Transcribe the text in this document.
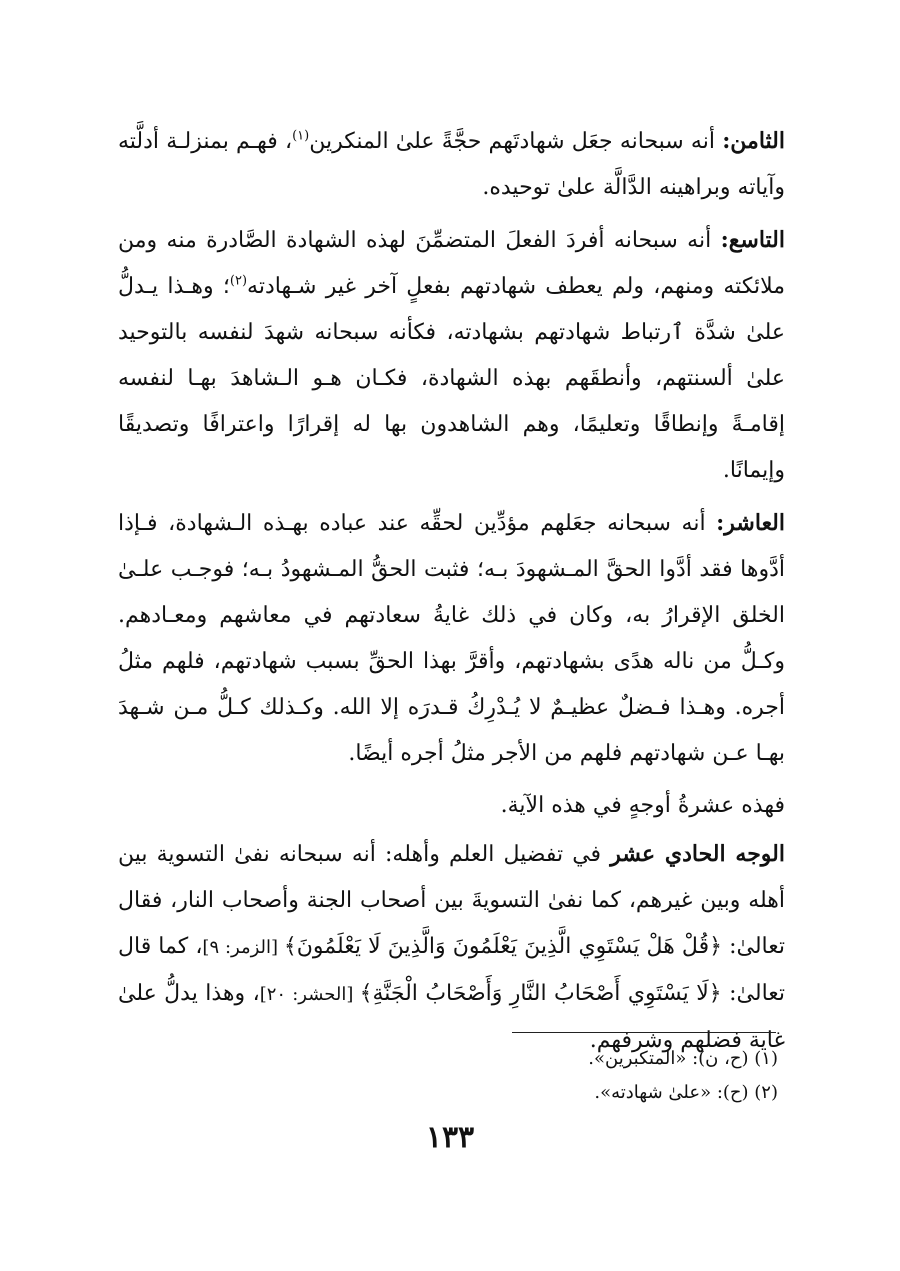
الثامن: أنه سبحانه جعَل شهادتَهم حجَّةً علىٰ المنكرين$^{(١)}$، فهـم بمنزلـة أدلَّته وآياته وبراهينه الدَّالَّة علىٰ توحيده.

التاسع: أنه سبحانه أفردَ الفعلَ المتضمِّنَ لهذه الشهادة الصَّادرة منه ومن ملائكته ومنهم، ولم يعطف شهادتهم بفعلٍ آخر غير شـهادته$^{(٢)}$؛ وهـذا يـدلُّ علىٰ شدَّة ٱرتباط شهادتهم بشهادته، فكأنه سبحانه شهدَ لنفسه بالتوحيد علىٰ ألسنتهم، وأنطقَهم بهذه الشهادة، فكـان هـو الـشاهدَ بهـا لنفسه إقامـةً وإنطاقًا وتعليمًا، وهم الشاهدون بها له إقرارًا واعترافًا وتصديقًا وإيمانًا.

العاشر: أنه سبحانه جعَلهم مؤدِّين لحقِّه عند عباده بهـذه الـشهادة، فـإذا أدَّوها فقد أدَّوا الحقَّ المـشهودَ بـه؛ فثبت الحقُّ المـشهودُ بـه؛ فوجـب علـىٰ الخلق الإقرارُ به، وكان في ذلك غايةُ سعادتهم في معاشهم ومعـادهم. وكـلُّ من ناله هدًى بشهادتهم، وأقرَّ بهذا الحقِّ بسبب شهادتهم، فلهم مثلُ أجره. وهـذا فـضلٌ عظيـمٌ لا يُـدْرِكُ قـدرَه إلا الله. وكـذلك كـلُّ مـن شـهدَ بهـا عـن شهادتهم فلهم من الأجر مثلُ أجره أيضًا.

فهذه عشرةُ أوجهٍ في هذه الآية.

الوجه الحادي عشر في تفضيل العلم وأهله: أنه سبحانه نفىٰ التسوية بين أهله وبين غيرهم، كما نفىٰ التسويةَ بين أصحاب الجنة وأصحاب النار، فقال تعالىٰ: ﴿قُلْ هَلْ يَسْتَوِي الَّذِينَ يَعْلَمُونَ وَالَّذِينَ لَا يَعْلَمُونَ﴾ [الزمر: ٩]، كما قال تعالىٰ: ﴿لَا يَسْتَوِي أَصْحَابُ النَّارِ وَأَصْحَابُ الْجَنَّةِ﴾ [الحشر: ٢٠]، وهذا يدلُّ علىٰ غاية فضلهم وشرفهم.

(١) (ح، ن): «المتكبرين».
(٢) (ح): «علىٰ شهادته».
١٣٣
